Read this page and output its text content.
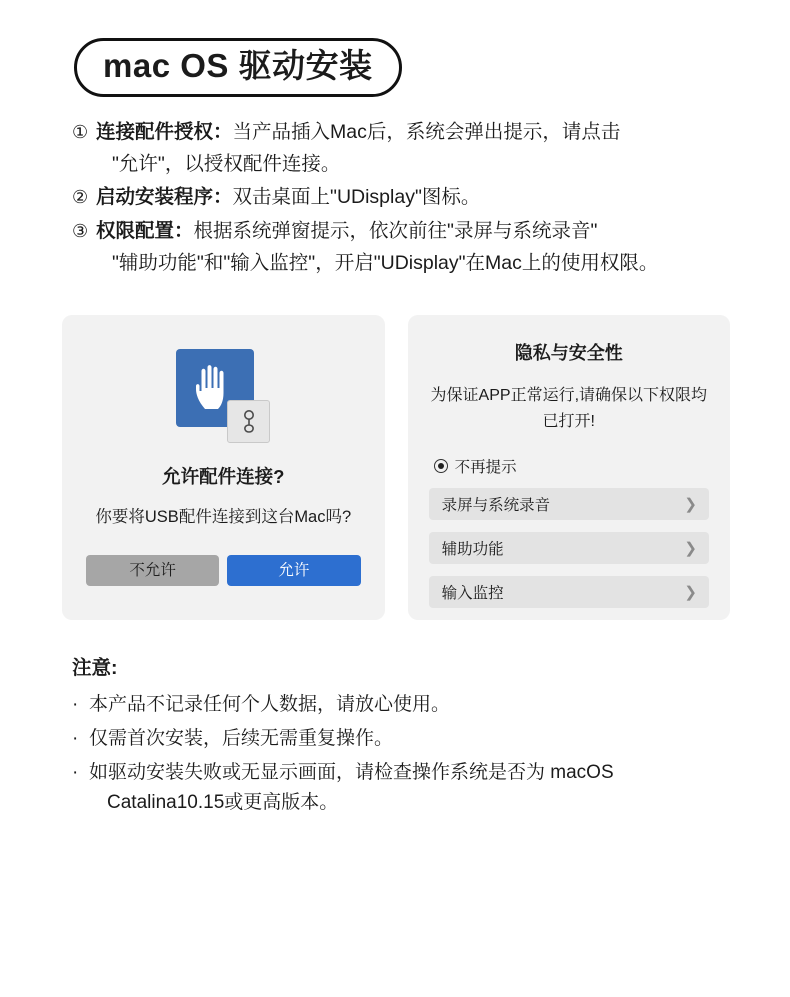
mac OS 驱动安装
① 连接配件授权：当产品插入Mac后，系统会弹出提示，请点击
"允许"，以授权配件连接。
② 启动安装程序：双击桌面上"UDisplay"图标。
③ 权限配置：根据系统弹窗提示，依次前往"录屏与系统录音"
"辅助功能"和"输入监控"，开启"UDisplay"在Mac上的使用权限。
允许配件连接?
你要将USB配件连接到这台Mac吗?
不允许	允许
隐私与安全性
为保证APP正常运行,请确保以下权限均已打开!
不再提示
录屏与系统录音	❯
辅助功能	❯
输入监控	❯
注意:
· 本产品不记录任何个人数据，请放心使用。
· 仅需首次安装，后续无需重复操作。
· 如驱动安装失败或无显示画面，请检查操作系统是否为 macOS
Catalina10.15或更高版本。
